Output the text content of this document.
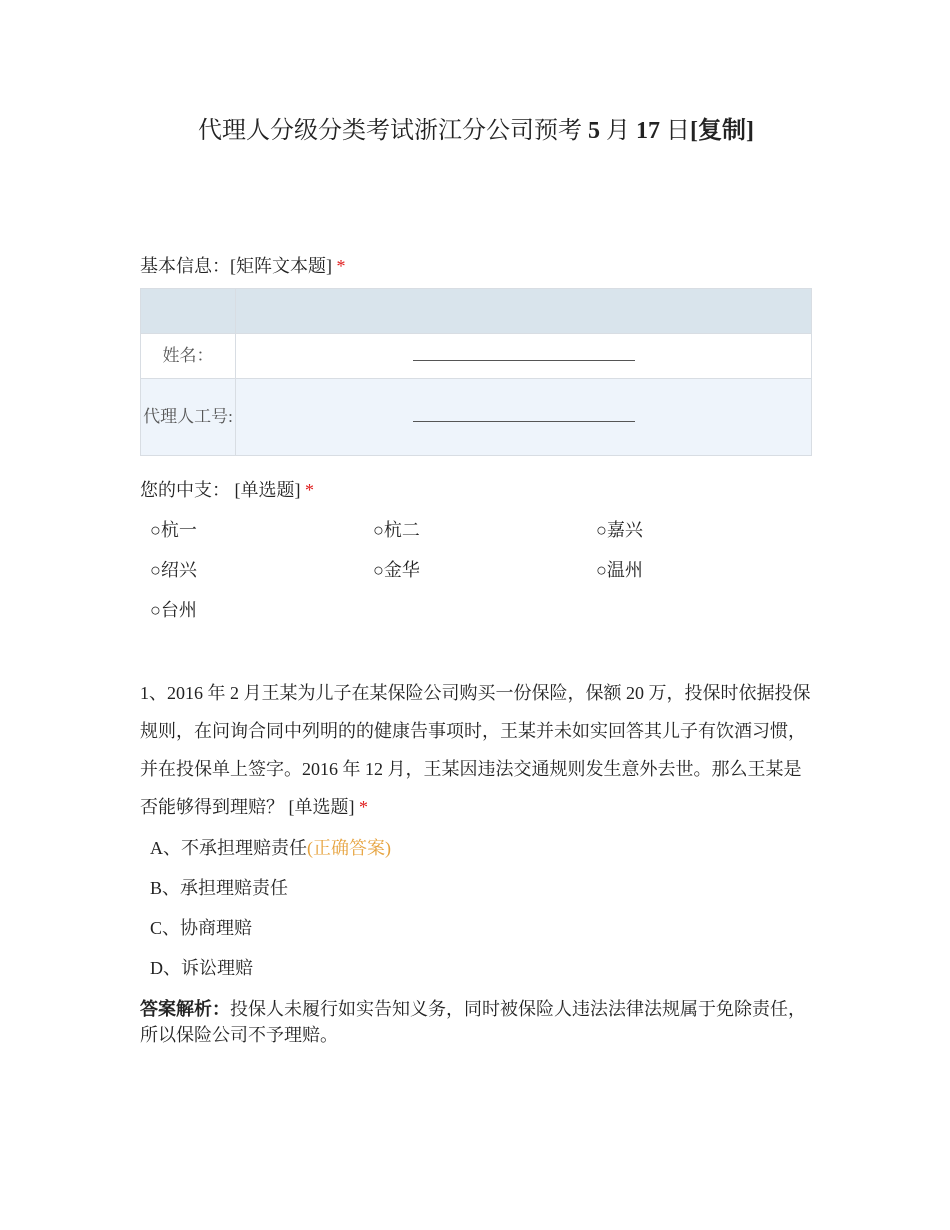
代理人分级分类考试浙江分公司预考 5 月 17 日[复制]
基本信息：[矩阵文本题] *

姓名：	
代理人工号:	
您的中支： [单选题] *
○杭一	○杭二	○嘉兴
○绍兴	○金华	○温州
○台州
1、2016 年 2 月王某为儿子在某保险公司购买一份保险，保额 20 万，投保时依据投保规则，在问询合同中列明的的健康告事项时，王某并未如实回答其儿子有饮酒习惯，并在投保单上签字。2016 年 12 月，王某因违法交通规则发生意外去世。那么王某是否能够得到理赔？ [单选题] *
A、不承担理赔责任(正确答案)
B、承担理赔责任
C、协商理赔
D、诉讼理赔
答案解析：投保人未履行如实告知义务，同时被保险人违法法律法规属于免除责任，所以保险公司不予理赔。
